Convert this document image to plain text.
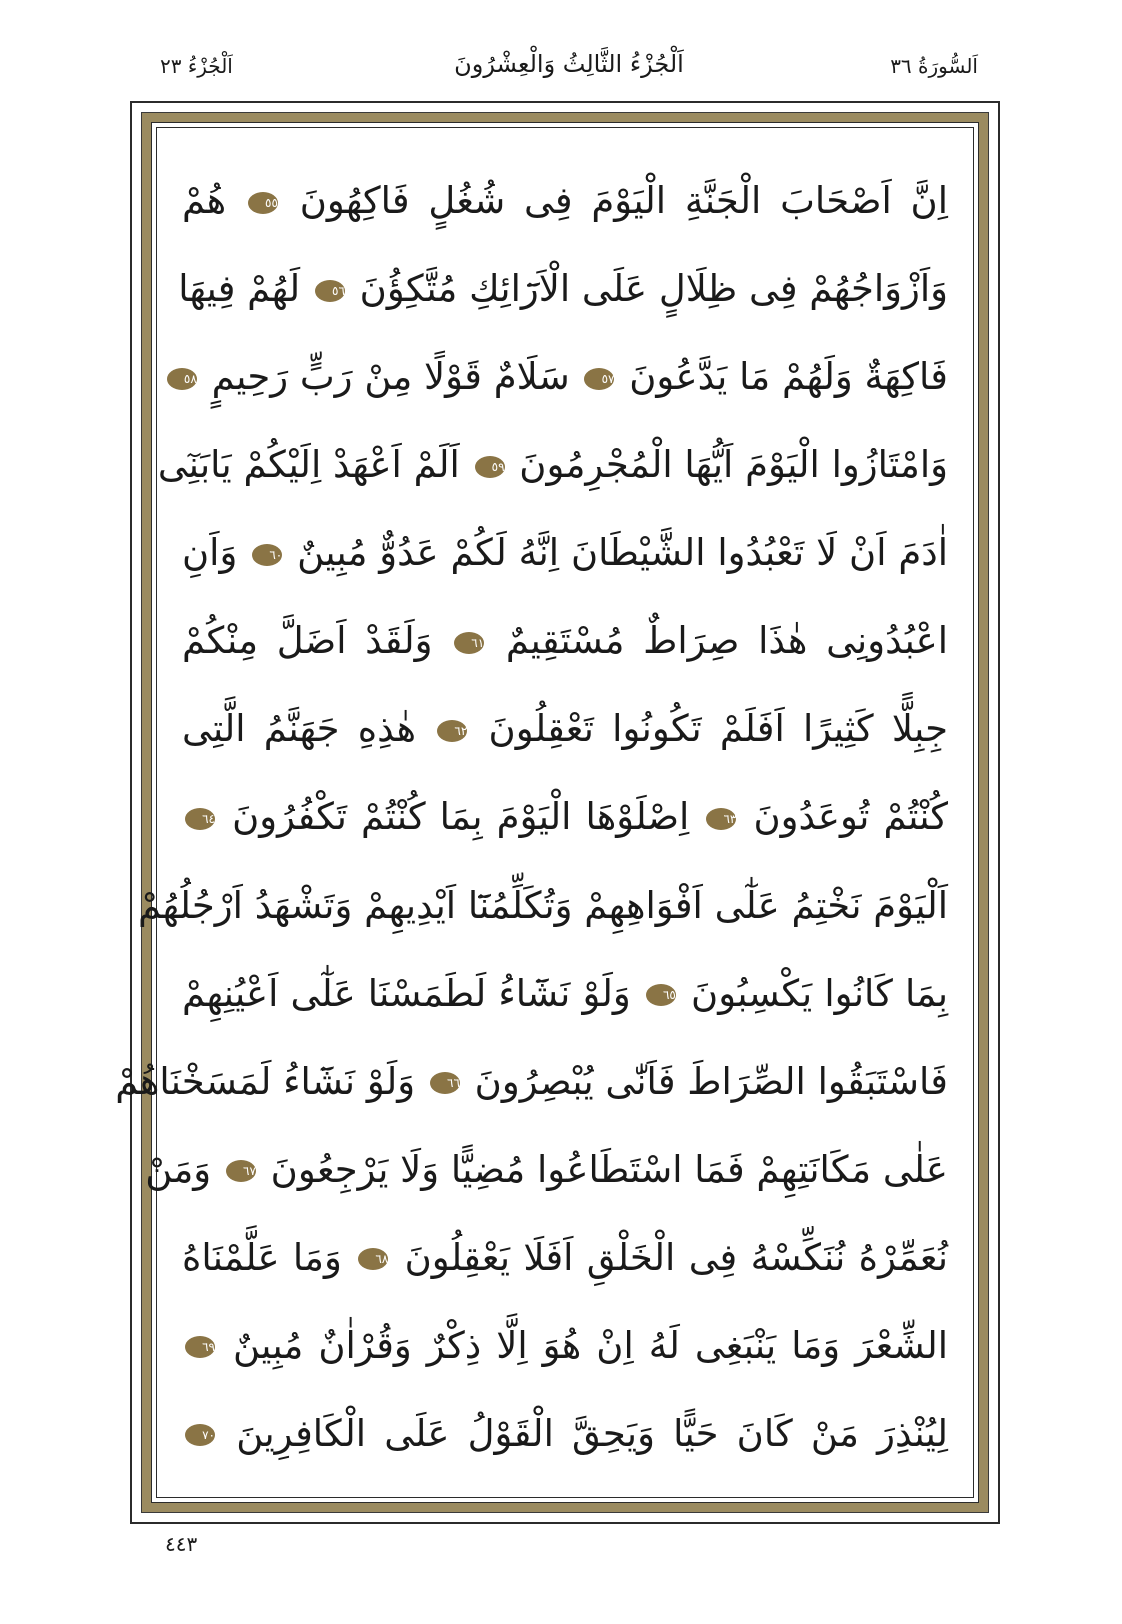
اَلْجُزْءُ ٢٣	اَلْجُزْءُ الثَّالِثُ وَالْعِشْرُونَ	اَلسُّورَةُ ٣٦
اِنَّ اَصْحَابَ الْجَنَّةِ الْيَوْمَ فِى شُغُلٍ فَاكِهُونَ ٥٥ هُمْ
وَاَزْوَاجُهُمْ فِى ظِلَالٍ عَلَى الْاَرَٓائِكِ مُتَّكِؤُنَ ٥٦ لَهُمْ فِيهَا
فَاكِهَةٌ وَلَهُمْ مَا يَدَّعُونَ ٥٧ سَلَامٌ قَوْلًا مِنْ رَبٍّ رَحِيمٍ ٥٨
وَامْتَازُوا الْيَوْمَ اَيُّهَا الْمُجْرِمُونَ ٥٩ اَلَمْ اَعْهَدْ اِلَيْكُمْ يَابَنِٓى
اٰدَمَ اَنْ لَا تَعْبُدُوا الشَّيْطَانَ اِنَّهُ لَكُمْ عَدُوٌّ مُبِينٌ ٦٠ وَاَنِ
اعْبُدُونِى هٰذَا صِرَاطٌ مُسْتَقِيمٌ ٦١ وَلَقَدْ اَضَلَّ مِنْكُمْ
جِبِلًّا كَثِيرًا اَفَلَمْ تَكُونُوا تَعْقِلُونَ ٦٢ هٰذِهِ جَهَنَّمُ الَّتِى
كُنْتُمْ تُوعَدُونَ ٦٣ اِصْلَوْهَا الْيَوْمَ بِمَا كُنْتُمْ تَكْفُرُونَ ٦٤
اَلْيَوْمَ نَخْتِمُ عَلٰٓى اَفْوَاهِهِمْ وَتُكَلِّمُنَٓا اَيْدِيهِمْ وَتَشْهَدُ اَرْجُلُهُمْ
بِمَا كَانُوا يَكْسِبُونَ ٦٥ وَلَوْ نَشَٓاءُ لَطَمَسْنَا عَلٰٓى اَعْيُنِهِمْ
فَاسْتَبَقُوا الصِّرَاطَ فَاَنّٰى يُبْصِرُونَ ٦٦ وَلَوْ نَشَٓاءُ لَمَسَخْنَاهُمْ
عَلٰى مَكَانَتِهِمْ فَمَا اسْتَطَاعُوا مُضِيًّا وَلَا يَرْجِعُونَ ٦٧ وَمَنْ
نُعَمِّرْهُ نُنَكِّسْهُ فِى الْخَلْقِ اَفَلَا يَعْقِلُونَ ٦٨ وَمَا عَلَّمْنَاهُ
الشِّعْرَ وَمَا يَنْبَغِى لَهُ اِنْ هُوَ اِلَّا ذِكْرٌ وَقُرْاٰنٌ مُبِينٌ ٦٩
لِيُنْذِرَ مَنْ كَانَ حَيًّا وَيَحِقَّ الْقَوْلُ عَلَى الْكَافِرِينَ ٧٠
٤٤٣
